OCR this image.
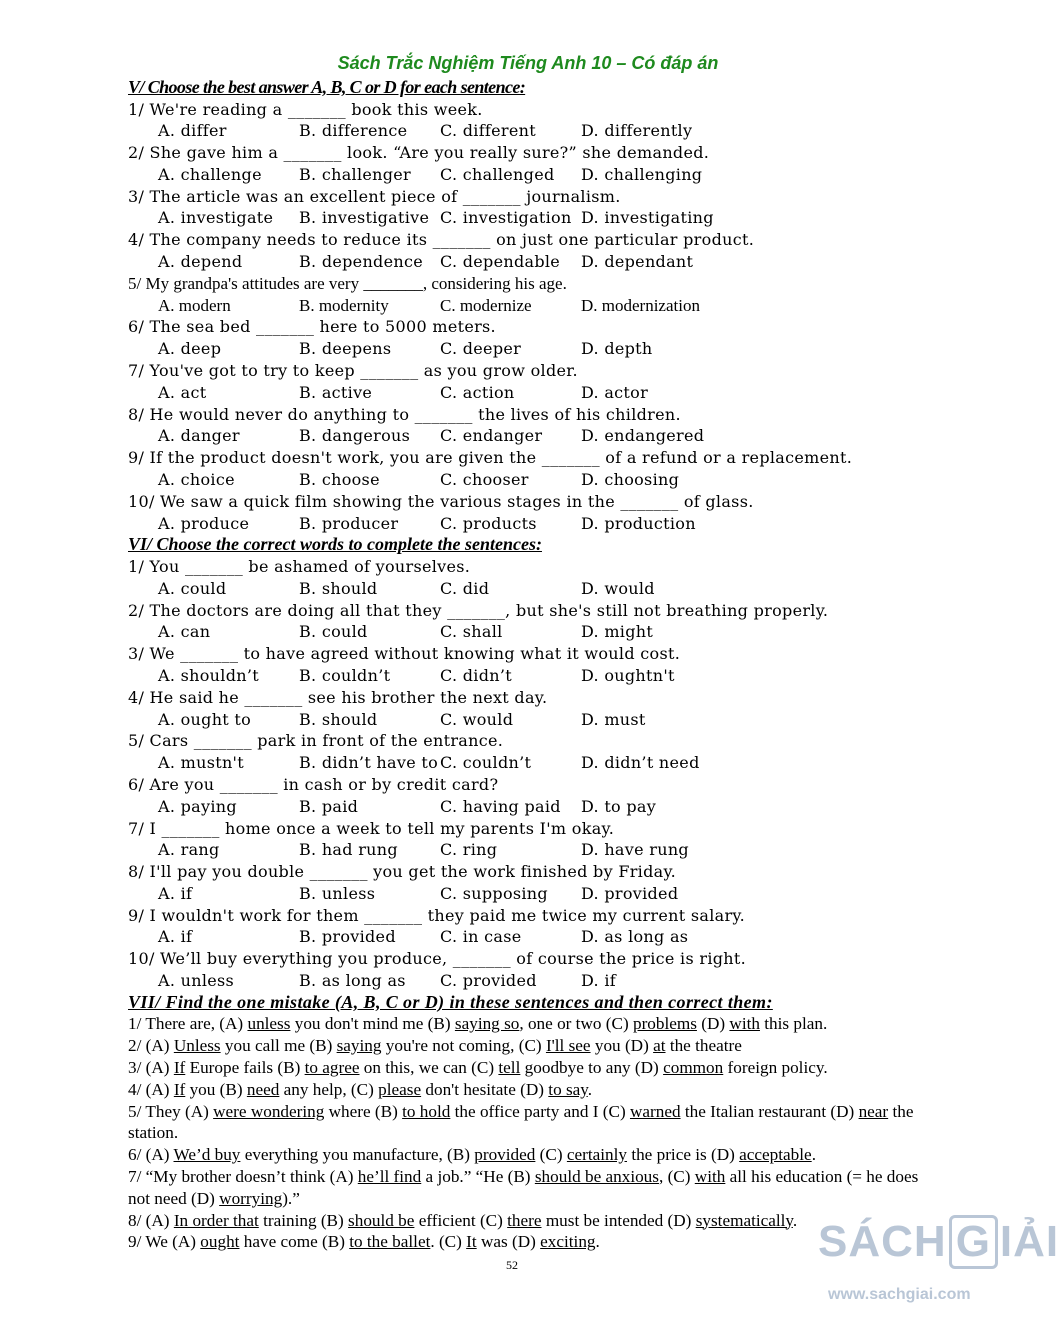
Sách Trắc Nghiệm Tiếng Anh 10 – Có đáp án
V/ Choose the best answer A, B, C or D for each sentence:
1/ We're reading a _______ book this week.
A. differ	B. difference	C. different	D. differently
2/ She gave him a _______ look. “Are you really sure?” she demanded.
A. challenge	B. challenger	C. challenged	D. challenging
3/ The article was an excellent piece of _______ journalism.
A. investigate	B. investigative C. investigation D. investigating
4/ The company needs to reduce its _______ on just one particular product.
A. depend	B. dependence	C. dependable	D. dependant
5/ My grandpa's attitudes are very _______, considering his age.
A. modern	B. modernity	C. modernize	D. modernization
6/ The sea bed _______ here to 5000 meters.
A. deep	B. deepens	C. deeper	D. depth
7/ You've got to try to keep _______ as you grow older.
A. act	B. active	C. action	D. actor
8/ He would never do anything to _______ the lives of his children.
A. danger	B. dangerous	C. endanger	D. endangered
9/ If the product doesn't work, you are given the _______ of a refund or a replacement.
A. choice	B. choose	C. chooser	D. choosing
10/ We saw a quick film showing the various stages in the _______ of glass.
A. produce	B. producer	C. products	D. production
VI/ Choose the correct words to complete the sentences:
1/ You _______ be ashamed of yourselves.
A. could	B. should	C. did	D. would
2/ The doctors are doing all that they _______, but she's still not breathing properly.
A. can	B. could	C. shall	D. might
3/ We _______ to have agreed without knowing what it would cost.
A. shouldn’t	B. couldn’t	C. didn’t	D. oughtn't
4/ He said he _______ see his brother the next day.
A. ought to	B. should	C. would	D. must
5/ Cars _______ park in front of the entrance.
A. mustn't	B. didn’t have to C. couldn’t	D. didn’t need
6/ Are you _______ in cash or by credit card?
A. paying	B. paid	C. having paid	D. to pay
7/ I _______ home once a week to tell my parents I'm okay.
A. rang	B. had rung	C. ring	D. have rung
8/ I'll pay you double _______ you get the work finished by Friday.
A. if	B. unless	C. supposing	D. provided
9/ I wouldn't work for them _______ they paid me twice my current salary.
A. if	B. provided	C. in case	D. as long as
10/ We’ll buy everything you produce, _______ of course the price is right.
A. unless	B. as long as	C. provided	D. if
VII/ Find the one mistake (A, B, C or D) in these sentences and then correct them:
1/ There are, (A) unless you don't mind me (B) saying so, one or two (C) problems (D) with this plan.
2/ (A) Unless you call me (B) saying you're not coming, (C) I'll see you (D) at the theatre
3/ (A) If Europe fails (B) to agree on this, we can (C) tell goodbye to any (D) common foreign policy.
4/ (A) If you (B) need any help, (C) please don't hesitate (D) to say.
5/ They (A) were wondering where (B) to hold the office party and I (C) warned the Italian restaurant (D) near the station.
6/ (A) We’d buy everything you manufacture, (B) provided (C) certainly the price is (D) acceptable.
7/ “My brother doesn’t think (A) he’ll find a job.” “He (B) should be anxious, (C) with all his education (= he does not need (D) worrying).”
8/ (A) In order that training (B) should be efficient (C) there must be intended (D) systematically.
9/ We (A) ought have come (B) to the ballet. (C) It was (D) exciting.
52	SÁCH G IẢI
www.sachgiai.com
